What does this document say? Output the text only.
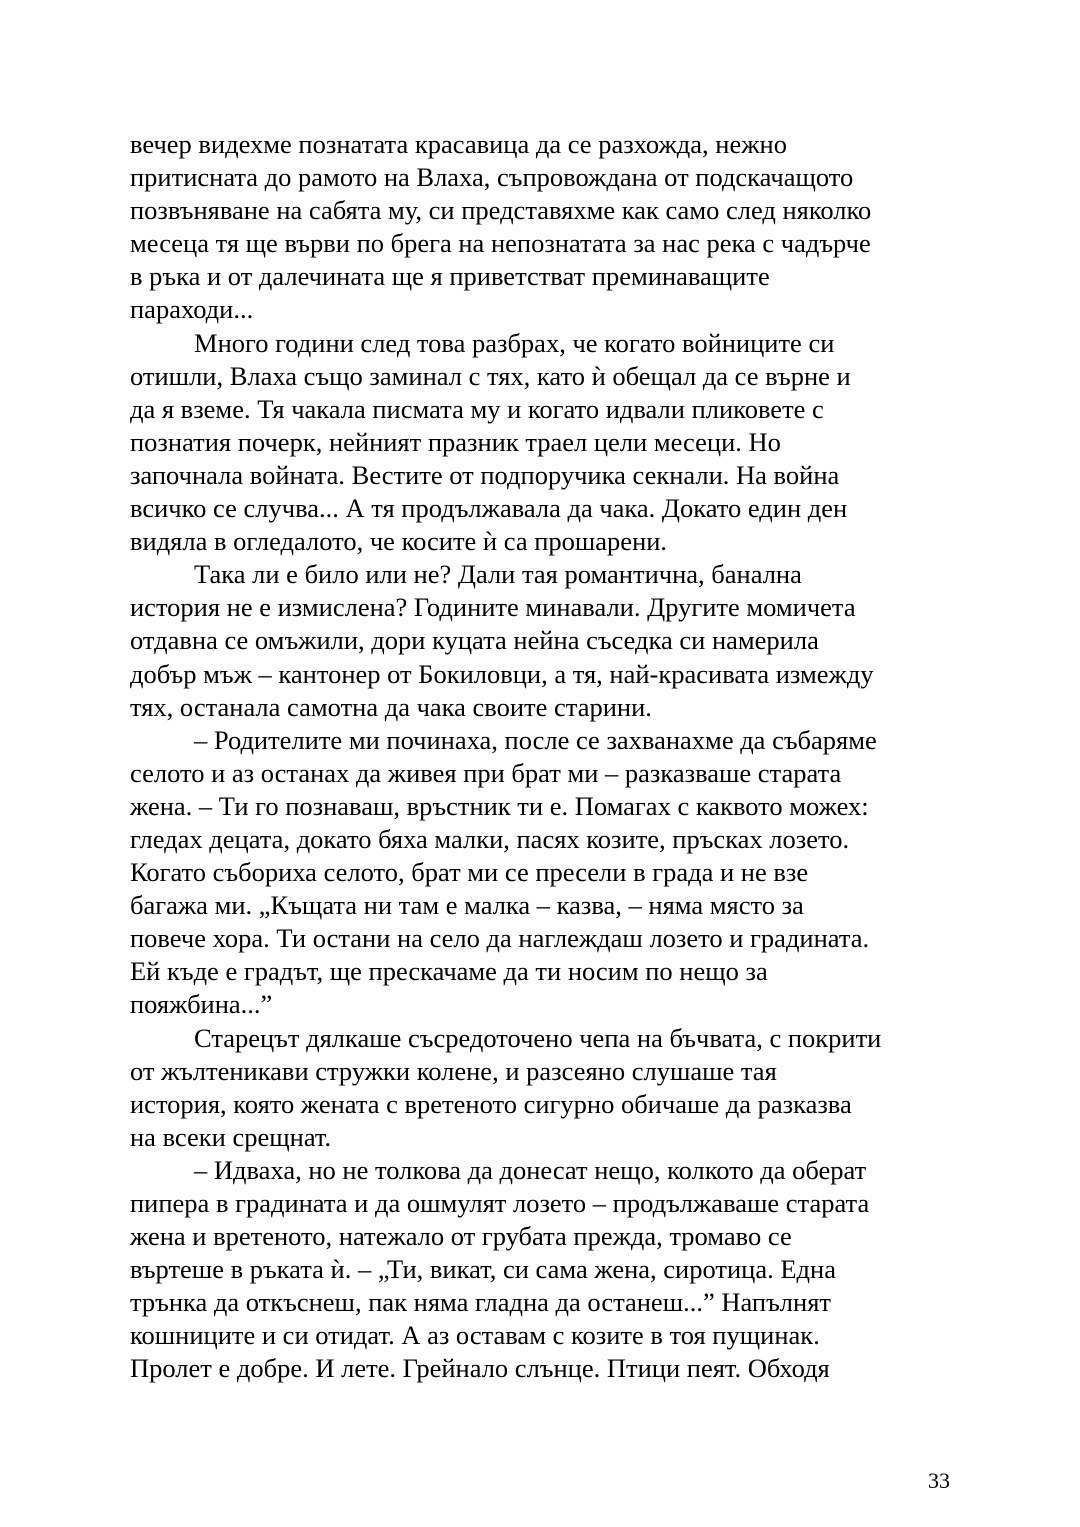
вечер видехме познатата красавица да се разхожда, нежно
притисната до рамото на Влаха, съпровождана от подскачащото
позвъняване на сабята му, си представяхме как само след няколко
месеца тя ще върви по брега на непознатата за нас река с чадърче
в ръка и от далечината ще я приветстват преминаващите
параходи...
Много години след това разбрах, че когато войниците си
отишли, Влаха също заминал с тях, като ѝ обещал да се върне и
да я вземе. Тя чакала писмата му и когато идвали пликовете с
познатия почерк, нейният празник траел цели месеци. Но
започнала войната. Вестите от подпоручика секнали. На война
всичко се случва... А тя продължавала да чака. Докато един ден
видяла в огледалото, че косите ѝ са прошарени.
Така ли е било или не? Дали тая романтична, банална
история не е измислена? Годините минавали. Другите момичета
отдавна се омъжили, дори куцата нейна съседка си намерила
добър мъж – кантонер от Бокиловци, а тя, най-красивата измежду
тях, останала самотна да чака своите старини.
– Родителите ми починаха, после се захванахме да събаряме
селото и аз останах да живея при брат ми – разказваше старата
жена. – Ти го познаваш, връстник ти е. Помагах с каквото можех:
гледах децата, докато бяха малки, пасях козите, пръсках лозето.
Когато събориха селото, брат ми се пресели в града и не взе
багажа ми. „Къщата ни там е малка – казва, – няма място за
повече хора. Ти остани на село да наглеждаш лозето и градината.
Ей къде е градът, ще прескачаме да ти носим по нещо за
пояжбина...”
Старецът дялкаше съсредоточено чепа на бъчвата, с покрити
от жълтеникави стружки колене, и разсеяно слушаше тая
история, която жената с вретеното сигурно обичаше да разказва
на всеки срещнат.
– Идваха, но не толкова да донесат нещо, колкото да оберат
пипера в градината и да ошмулят лозето – продължаваше старата
жена и вретеното, натежало от грубата прежда, тромаво се
въртеше в ръката ѝ. – „Ти, викат, си сама жена, сиротица. Една
трънка да откъснеш, пак няма гладна да останеш...” Напълнят
кошниците и си отидат. А аз оставам с козите в тоя пущинак.
Пролет е добре. И лете. Грейнало слънце. Птици пеят. Обходя
33
